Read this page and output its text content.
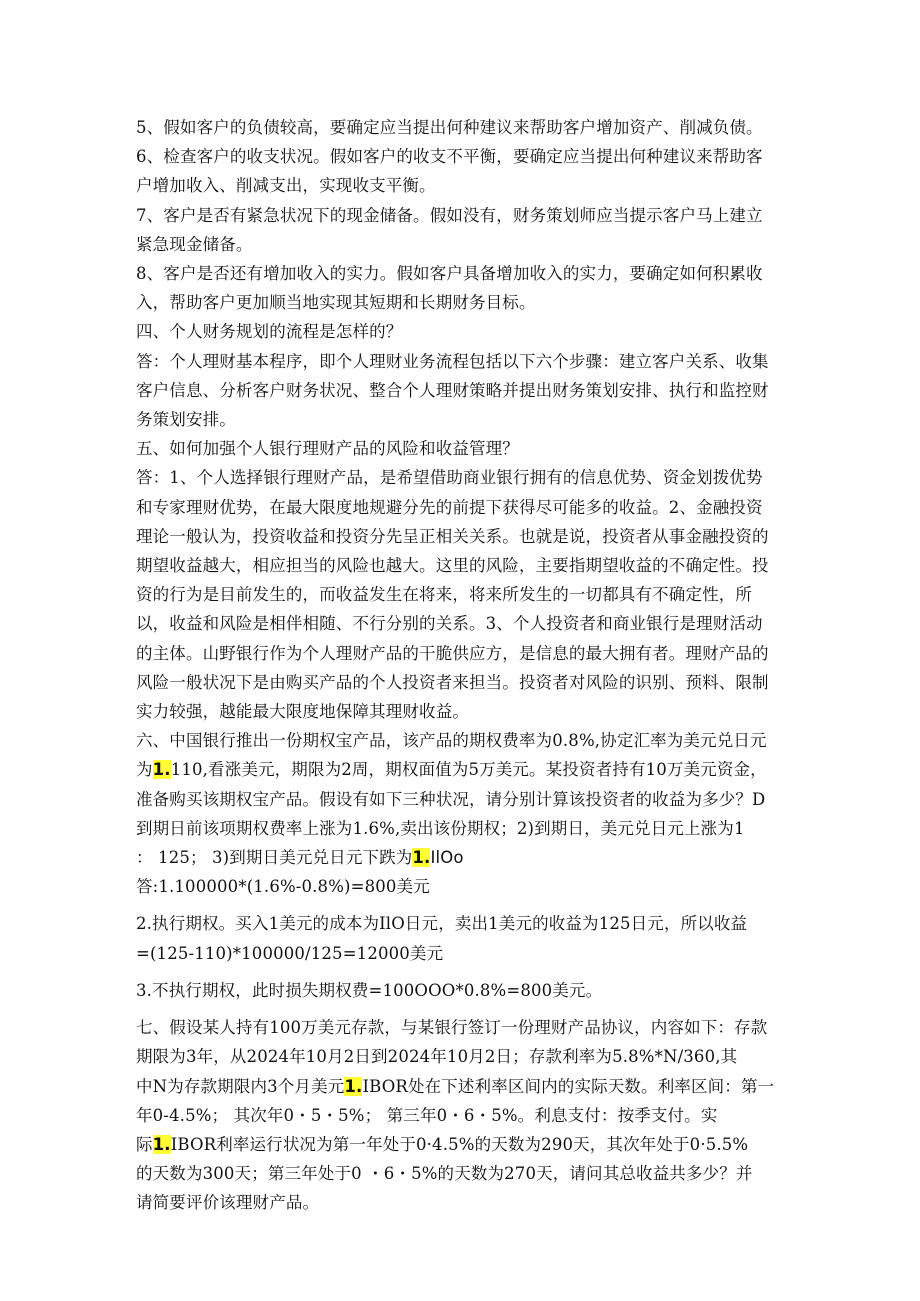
5、假如客户的负债较高，要确定应当提出何种建议来帮助客户增加资产、削减负债。
6、检查客户的收支状况。假如客户的收支不平衡，要确定应当提出何种建议来帮助客
户增加收入、削减支出，实现收支平衡。
7、客户是否有紧急状况下的现金储备。假如没有，财务策划师应当提示客户马上建立
紧急现金储备。
8、客户是否还有增加收入的实力。假如客户具备增加收入的实力，要确定如何积累收
入，帮助客户更加顺当地实现其短期和长期财务目标。
四、个人财务规划的流程是怎样的？
答：个人理财基本程序，即个人理财业务流程包括以下六个步骤：建立客户关系、收集
客户信息、分析客户财务状况、整合个人理财策略并提出财务策划安排、执行和监控财
务策划安排。
五、如何加强个人银行理财产品的风险和收益管理？
答：1、个人选择银行理财产品，是希望借助商业银行拥有的信息优势、资金划拨优势
和专家理财优势，在最大限度地规避分先的前提下获得尽可能多的收益。2、金融投资
理论一般认为，投资收益和投资分先呈正相关关系。也就是说，投资者从事金融投资的
期望收益越大，相应担当的风险也越大。这里的风险，主要指期望收益的不确定性。投
资的行为是目前发生的，而收益发生在将来，将来所发生的一切都具有不确定性，所
以，收益和风险是相伴相随、不行分别的关系。3、个人投资者和商业银行是理财活动
的主体。山野银行作为个人理财产品的干脆供应方，是信息的最大拥有者。理财产品的
风险一般状况下是由购买产品的个人投资者来担当。投资者对风险的识别、预料、限制
实力较强，越能最大限度地保障其理财收益。
六、中国银行推出一份期权宝产品，该产品的期权费率为0.8%,协定汇率为美元兑日元
为1.110,看涨美元，期限为2周，期权面值为5万美元。某投资者持有10万美元资金，
准备购买该期权宝产品。假设有如下三种状况，请分别计算该投资者的收益为多少？D
到期日前该项期权费率上涨为1.6%,卖出该份期权；2)到期日，美元兑日元上涨为1
： 125； 3)到期日美元兑日元下跌为1.IlOo
答:1.100000*(1.6%-0.8%)=800美元
2.执行期权。买入1美元的成本为IlO日元，卖出1美元的收益为125日元，所以收益
=(125-110)*100000/125=12000美元
3.不执行期权，此时损失期权费=100OOO*0.8%=800美元。
七、假设某人持有100万美元存款，与某银行签订一份理财产品协议，内容如下：存款
期限为3年，从2024年10月2日到2024年10月2日；存款利率为5.8%*N/360,其
中N为存款期限内3个月美元1.IBOR处在下述利率区间内的实际天数。利率区间：第一
年0-4.5%； 其次年0・5・5%； 第三年0・6・5%。利息支付：按季支付。实
际1.IBOR利率运行状况为第一年处于0·4.5%的天数为290天，其次年处于0·5.5%
的天数为300天；第三年处于0 ・6・5%的天数为270天，请问其总收益共多少？并
请简要评价该理财产品。
